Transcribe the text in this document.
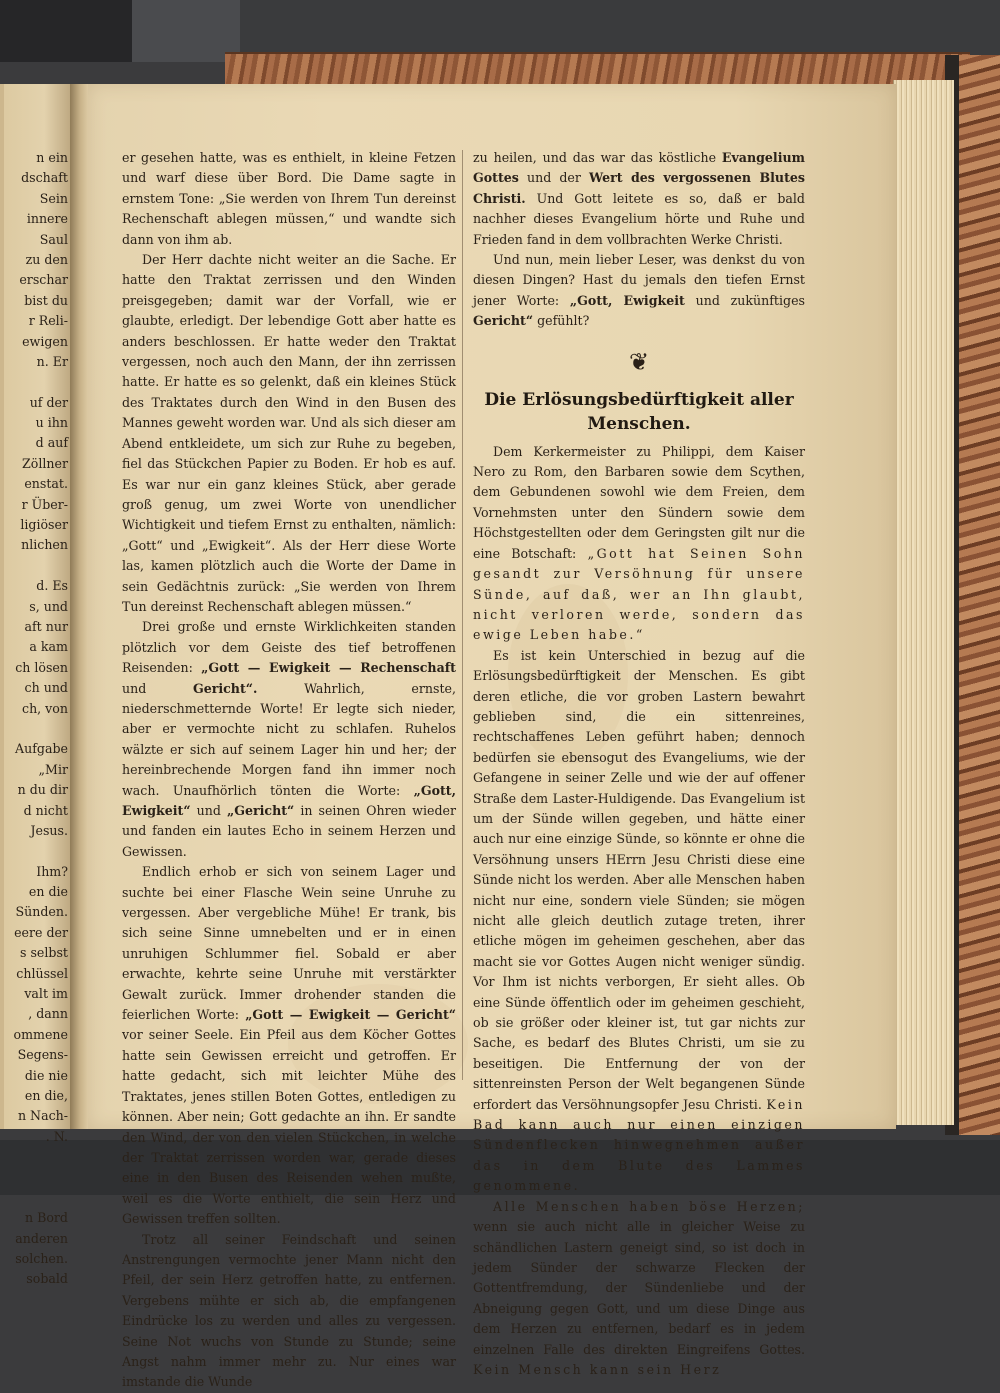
n ein
dschaft
Sein
innere
Saul
zu den
erschar
bist du
r Reli-
ewigen
n. Er
uf der
u ihn
d auf
Zöllner
enstat.
r Über-
ligiöser
nlichen
d. Es
s, und
aft nur
a kam
ch lösen
ch und
ch, von
Aufgabe
„Mir
n du dir
d nicht
Jesus.
Ihm?
en die
Sünden.
eere der
s selbst
chlüssel
valt im
, dann
ommene
Segens-
die nie
en die,
n Nach-
. N.
n Bord
anderen
solchen.
sobald

er gesehen hatte, was es enthielt, in kleine Fetzen und warf diese über Bord. Die Dame sagte in ernstem Tone: „Sie werden von Ihrem Tun dereinst Rechenschaft ablegen müssen,“ und wandte sich dann von ihm ab.

Der Herr dachte nicht weiter an die Sache. Er hatte den Traktat zerrissen und den Winden preisgegeben; damit war der Vorfall, wie er glaubte, erledigt. Der lebendige Gott aber hatte es anders beschlossen. Er hatte weder den Traktat vergessen, noch auch den Mann, der ihn zerrissen hatte. Er hatte es so gelenkt, daß ein kleines Stück des Traktates durch den Wind in den Busen des Mannes geweht worden war. Und als sich dieser am Abend entkleidete, um sich zur Ruhe zu begeben, fiel das Stückchen Papier zu Boden. Er hob es auf. Es war nur ein ganz kleines Stück, aber gerade groß genug, um zwei Worte von unendlicher Wichtigkeit und tiefem Ernst zu enthalten, nämlich: „Gott“ und „Ewigkeit“. Als der Herr diese Worte las, kamen plötzlich auch die Worte der Dame in sein Gedächtnis zurück: „Sie werden von Ihrem Tun dereinst Rechenschaft ablegen müssen.“

Drei große und ernste Wirklichkeiten standen plötzlich vor dem Geiste des tief betroffenen Reisenden: „Gott — Ewigkeit — Rechenschaft und	Gericht“.	Wahrlich, ernste, niederschmetternde Worte! Er legte sich nieder, aber er vermochte nicht zu schlafen. Ruhelos wälzte er sich auf seinem Lager hin und her; der hereinbrechende Morgen fand ihn immer noch wach. Unaufhörlich tönten die Worte: „Gott, Ewigkeit“ und „Gericht“ in seinen Ohren wieder und fanden ein lautes Echo in seinem Herzen und Gewissen.

Endlich erhob er sich von seinem Lager und suchte bei einer Flasche Wein seine Unruhe zu vergessen. Aber vergebliche Mühe! Er trank, bis sich seine Sinne umnebelten und er in einen unruhigen Schlummer fiel. Sobald er aber erwachte, kehrte seine Unruhe mit verstärkter Gewalt zurück. Immer drohender standen die feierlichen Worte: „Gott — Ewigkeit — Gericht“ vor seiner Seele. Ein Pfeil aus dem Köcher Gottes hatte sein Gewissen erreicht und getroffen. Er hatte gedacht, sich mit leichter Mühe des Traktates, jenes stillen Boten Gottes, entledigen zu können. Aber nein; Gott gedachte an ihn. Er sandte den Wind, der von den vielen Stückchen, in welche der Traktat zerrissen worden war, gerade dieses eine in den Busen des Reisenden wehen mußte, weil es die Worte enthielt, die sein Herz und Gewissen treffen sollten.

Trotz all seiner Feindschaft und seinen Anstrengungen vermochte jener Mann nicht den Pfeil, der sein Herz getroffen hatte, zu entfernen. Vergebens mühte er sich ab, die empfangenen Eindrücke los zu werden und alles zu vergessen. Seine Not wuchs von Stunde zu Stunde; seine Angst nahm immer mehr zu. Nur eines war imstande die Wunde

zu heilen, und das war das köstliche Evangelium Gottes und der Wert des vergossenen Blutes Christi. Und Gott leitete es so, daß er bald nachher dieses Evangelium hörte und Ruhe und Frieden fand in dem vollbrachten Werke Christi.

Und nun, mein lieber Leser, was denkst du von diesen Dingen? Hast du jemals den tiefen Ernst jener Worte: „Gott, Ewigkeit und zukünftiges Gericht“ gefühlt?

❦
Die Erlösungsbedürftigkeit aller Menschen.

Dem Kerkermeister zu Philippi, dem Kaiser Nero zu Rom, den Barbaren sowie dem Scythen, dem Gebundenen sowohl wie dem Freien, dem Vornehmsten unter den Sündern sowie dem Höchstgestellten oder dem Geringsten gilt nur die eine Botschaft: „Gott hat Seinen Sohn gesandt zur Versöhnung für unsere Sünde, auf daß, wer an Ihn glaubt, nicht verloren werde, sondern das ewige Leben habe.“

Es ist kein Unterschied in bezug auf die Erlösungsbedürftigkeit der Menschen. Es gibt deren etliche, die vor groben Lastern bewahrt geblieben sind, die ein sittenreines, rechtschaffenes Leben geführt haben; dennoch bedürfen sie ebensogut des Evangeliums, wie der Gefangene in seiner Zelle und wie der auf offener Straße dem Laster-Huldigende. Das Evangelium ist um der Sünde willen gegeben, und hätte einer auch nur eine einzige Sünde, so könnte er ohne die Versöhnung unsers HErrn Jesu Christi diese eine Sünde nicht los werden. Aber alle Menschen haben nicht nur eine, sondern viele Sünden; sie mögen nicht alle gleich deutlich zutage treten, ihrer etliche mögen im geheimen geschehen, aber das macht sie vor Gottes Augen nicht weniger sündig. Vor Ihm ist nichts verborgen, Er sieht alles. Ob eine Sünde öffentlich oder im geheimen geschieht, ob sie größer oder kleiner ist, tut gar nichts zur Sache, es bedarf des Blutes Christi, um sie zu beseitigen. Die Entfernung der von der sittenreinsten Person der Welt begangenen Sünde erfordert das Versöhnungsopfer Jesu Christi. Kein Bad kann auch nur einen einzigen Sündenflecken hinwegnehmen außer das in dem Blute des Lammes genommene.

Alle Menschen haben böse Herzen; wenn sie auch nicht alle in gleicher Weise zu schändlichen Lastern geneigt sind, so ist doch in jedem Sünder der schwarze Flecken der Gottentfremdung, der Sündenliebe und der Abneigung gegen Gott, und um diese Dinge aus dem Herzen zu entfernen, bedarf es in jedem einzelnen Falle des direkten Eingreifens Gottes. Kein Mensch kann sein Herz
